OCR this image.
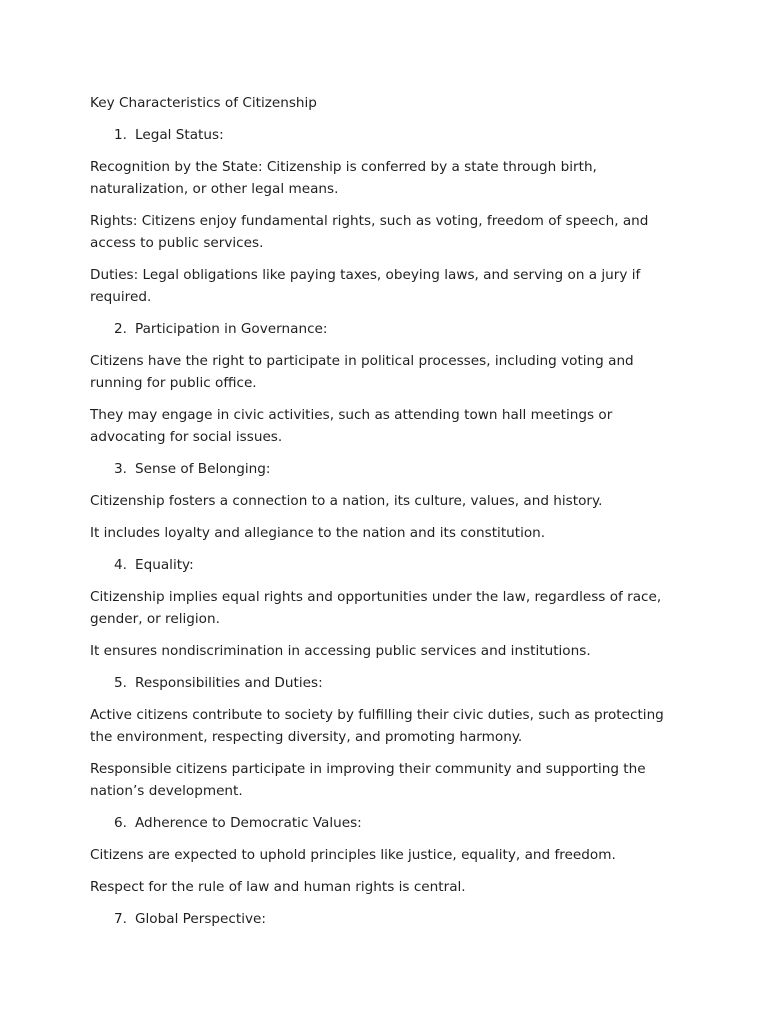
Key Characteristics of Citizenship
1. Legal Status:

Recognition by the State: Citizenship is conferred by a state through birth, naturalization, or other legal means.

Rights: Citizens enjoy fundamental rights, such as voting, freedom of speech, and access to public services.

Duties: Legal obligations like paying taxes, obeying laws, and serving on a jury if required.

2. Participation in Governance:

Citizens have the right to participate in political processes, including voting and running for public office.

They may engage in civic activities, such as attending town hall meetings or advocating for social issues.

3. Sense of Belonging:

Citizenship fosters a connection to a nation, its culture, values, and history.

It includes loyalty and allegiance to the nation and its constitution.

4. Equality:

Citizenship implies equal rights and opportunities under the law, regardless of race, gender, or religion.

It ensures nondiscrimination in accessing public services and institutions.

5. Responsibilities and Duties:

Active citizens contribute to society by fulfilling their civic duties, such as protecting the environment, respecting diversity, and promoting harmony.

Responsible citizens participate in improving their community and supporting the nation’s development.

6. Adherence to Democratic Values:

Citizens are expected to uphold principles like justice, equality, and freedom.

Respect for the rule of law and human rights is central.

7. Global Perspective:
